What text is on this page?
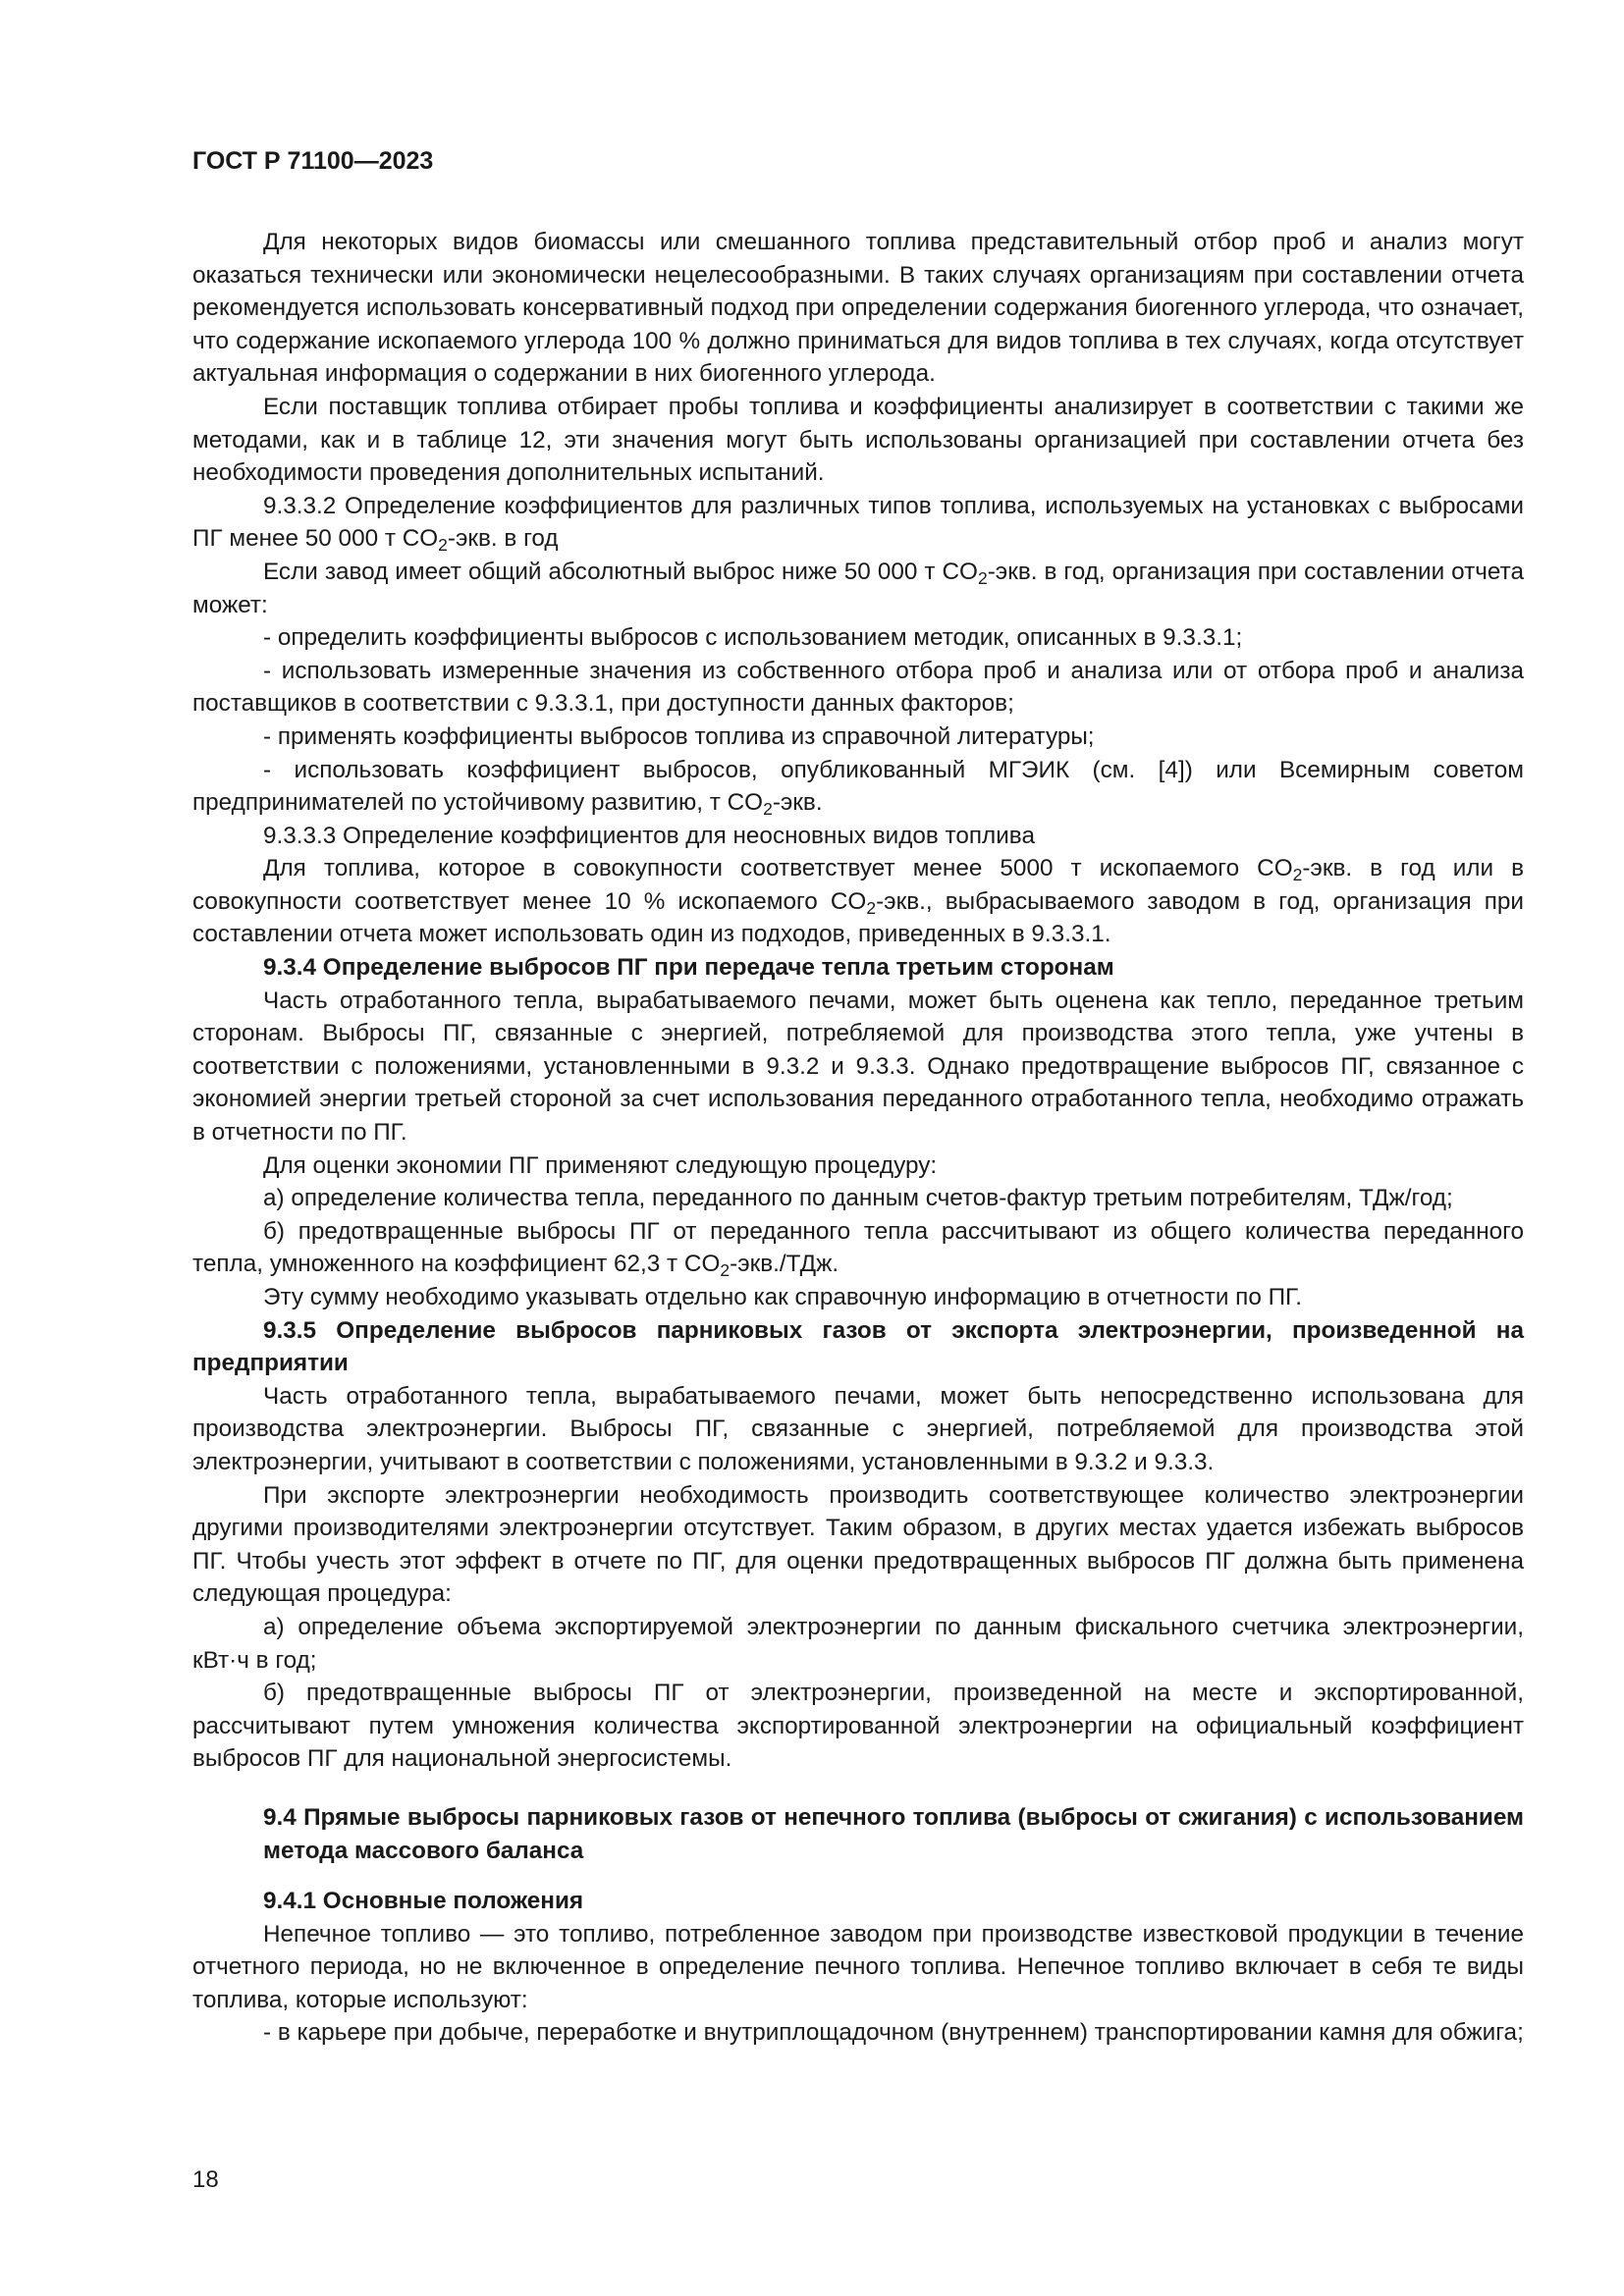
ГОСТ Р 71100—2023

Для некоторых видов биомассы или смешанного топлива представительный отбор проб и анализ могут оказаться технически или экономически нецелесообразными. В таких случаях организациям при составлении отчета рекомендуется использовать консервативный подход при определении содержания биогенного углерода, что означает, что содержание ископаемого углерода 100 % должно приниматься для видов топлива в тех случаях, когда отсутствует актуальная информация о содержании в них биогенного углерода.

Если поставщик топлива отбирает пробы топлива и коэффициенты анализирует в соответствии с такими же методами, как и в таблице 12, эти значения могут быть использованы организацией при составлении отчета без необходимости проведения дополнительных испытаний.

9.3.3.2 Определение коэффициентов для различных типов топлива, используемых на установках с выбросами ПГ менее 50 000 т $CO_2$-экв. в год

Если завод имеет общий абсолютный выброс ниже 50 000 т $CO_2$-экв. в год, организация при составлении отчета может:

- определить коэффициенты выбросов с использованием методик, описанных в 9.3.3.1;

- использовать измеренные значения из собственного отбора проб и анализа или от отбора проб и анализа поставщиков в соответствии с 9.3.3.1, при доступности данных факторов;

- применять коэффициенты выбросов топлива из справочной литературы;

- использовать коэффициент выбросов, опубликованный МГЭИК (см. [4]) или Всемирным советом предпринимателей по устойчивому развитию, т $CO_2$-экв.

9.3.3.3 Определение коэффициентов для неосновных видов топлива

Для топлива, которое в совокупности соответствует менее 5000 т ископаемого $CO_2$-экв. в год или в совокупности соответствует менее 10 % ископаемого $CO_2$-экв., выбрасываемого заводом в год, организация при составлении отчета может использовать один из подходов, приведенных в 9.3.3.1.

9.3.4 Определение выбросов ПГ при передаче тепла третьим сторонам

Часть отработанного тепла, вырабатываемого печами, может быть оценена как тепло, переданное третьим сторонам. Выбросы ПГ, связанные с энергией, потребляемой для производства этого тепла, уже учтены в соответствии с положениями, установленными в 9.3.2 и 9.3.3. Однако предотвращение выбросов ПГ, связанное с экономией энергии третьей стороной за счет использования переданного отработанного тепла, необходимо отражать в отчетности по ПГ.

Для оценки экономии ПГ применяют следующую процедуру:

а) определение количества тепла, переданного по данным счетов-фактур третьим потребителям, ТДж/год;

б) предотвращенные выбросы ПГ от переданного тепла рассчитывают из общего количества переданного тепла, умноженного на коэффициент 62,3 т $CO_2-экв$./ТДж.

Эту сумму необходимо указывать отдельно как справочную информацию в отчетности по ПГ.

9.3.5 Определение выбросов парниковых газов от экспорта электроэнергии, произведенной на предприятии

Часть отработанного тепла, вырабатываемого печами, может быть непосредственно использована для производства электроэнергии. Выбросы ПГ, связанные с энергией, потребляемой для производства этой электроэнергии, учитывают в соответствии с положениями, установленными в 9.3.2 и 9.3.3.

При экспорте электроэнергии необходимость производить соответствующее количество электроэнергии другими производителями электроэнергии отсутствует. Таким образом, в других местах удается избежать выбросов ПГ. Чтобы учесть этот эффект в отчете по ПГ, для оценки предотвращенных выбросов ПГ должна быть применена следующая процедура:

а) определение объема экспортируемой электроэнергии по данным фискального счетчика электроэнергии, кВт·ч в год;

б) предотвращенные выбросы ПГ от электроэнергии, произведенной на месте и экспортированной, рассчитывают путем умножения количества экспортированной электроэнергии на официальный коэффициент выбросов ПГ для национальной энергосистемы.

9.4 Прямые выбросы парниковых газов от непечного топлива (выбросы от сжигания) с использованием метода массового баланса

9.4.1 Основные положения

Непечное топливо — это топливо, потребленное заводом при производстве известковой продукции в течение отчетного периода, но не включенное в определение печного топлива. Непечное топливо включает в себя те виды топлива, которые используют:

- в карьере при добыче, переработке и внутриплощадочном (внутреннем) транспортировании камня для обжига;

18
